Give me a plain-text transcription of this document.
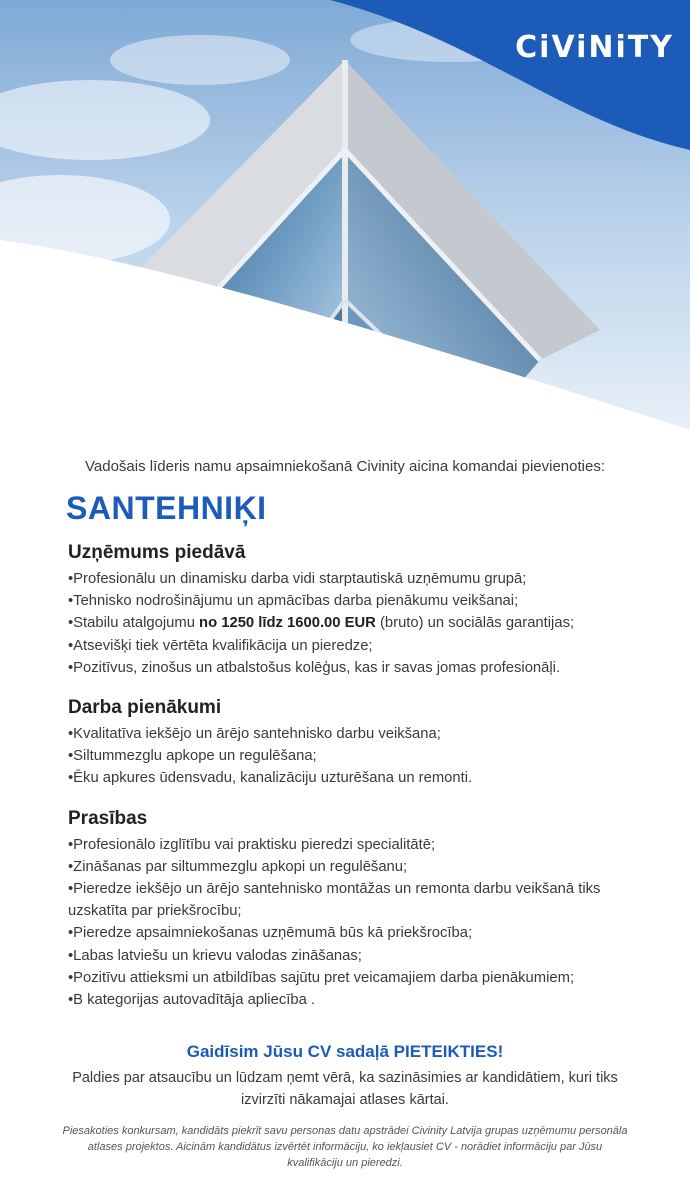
CiViNiTY
Vadošais līderis namu apsaimniekošanā Civinity aicina komandai pievienoties:
SANTEHNIĶI
Uzņēmums piedāvā
•Profesionālu un dinamisku darba vidi starptautiskā uzņēmumu grupā;
•Tehnisko nodrošinājumu un apmācības darba pienākumu veikšanai;
•Stabilu atalgojumu no 1250 līdz 1600.00 EUR (bruto) un sociālās garantijas;
•Atsevišķi tiek vērtēta kvalifikācija un pieredze;
•Pozitīvus, zinošus un atbalstošus kolēģus, kas ir savas jomas profesionāļi.
Darba pienākumi
•Kvalitatīva iekšējo un ārējo santehnisko darbu veikšana;
•Siltummezglu apkope un regulēšana;
•Ēku apkures ūdensvadu, kanalizāciju uzturēšana un remonti.
Prasības
•Profesionālo izglītību vai praktisku pieredzi specialitātē;
•Zināšanas par siltummezglu apkopi un regulēšanu;
•Pieredze iekšējo un ārējo santehnisko montāžas un remonta darbu veikšanā tiks uzskatīta par priekšrocību;
•Pieredze apsaimniekošanas uzņēmumā būs kā priekšrocība;
•Labas latviešu un krievu valodas zināšanas;
•Pozitīvu attieksmi un atbildības sajūtu pret veicamajiem darba pienākumiem;
•B kategorijas autovadītāja apliecība .
Gaidīsim Jūsu CV sadaļā PIETEIKTIES!
Paldies par atsaucību un lūdzam ņemt vērā, ka sazināsimies ar kandidātiem, kuri tiks izvirzīti nākamajai atlases kārtai.
Piesakoties konkursam, kandidāts piekrīt savu personas datu apstrādei Civinity Latvija grupas uzņēmumu personāla atlases projektos. Aicinām kandidātus izvērtēt informāciju, ko iekļausiet CV - norādiet informāciju par Jūsu kvalifikāciju un pieredzi.
